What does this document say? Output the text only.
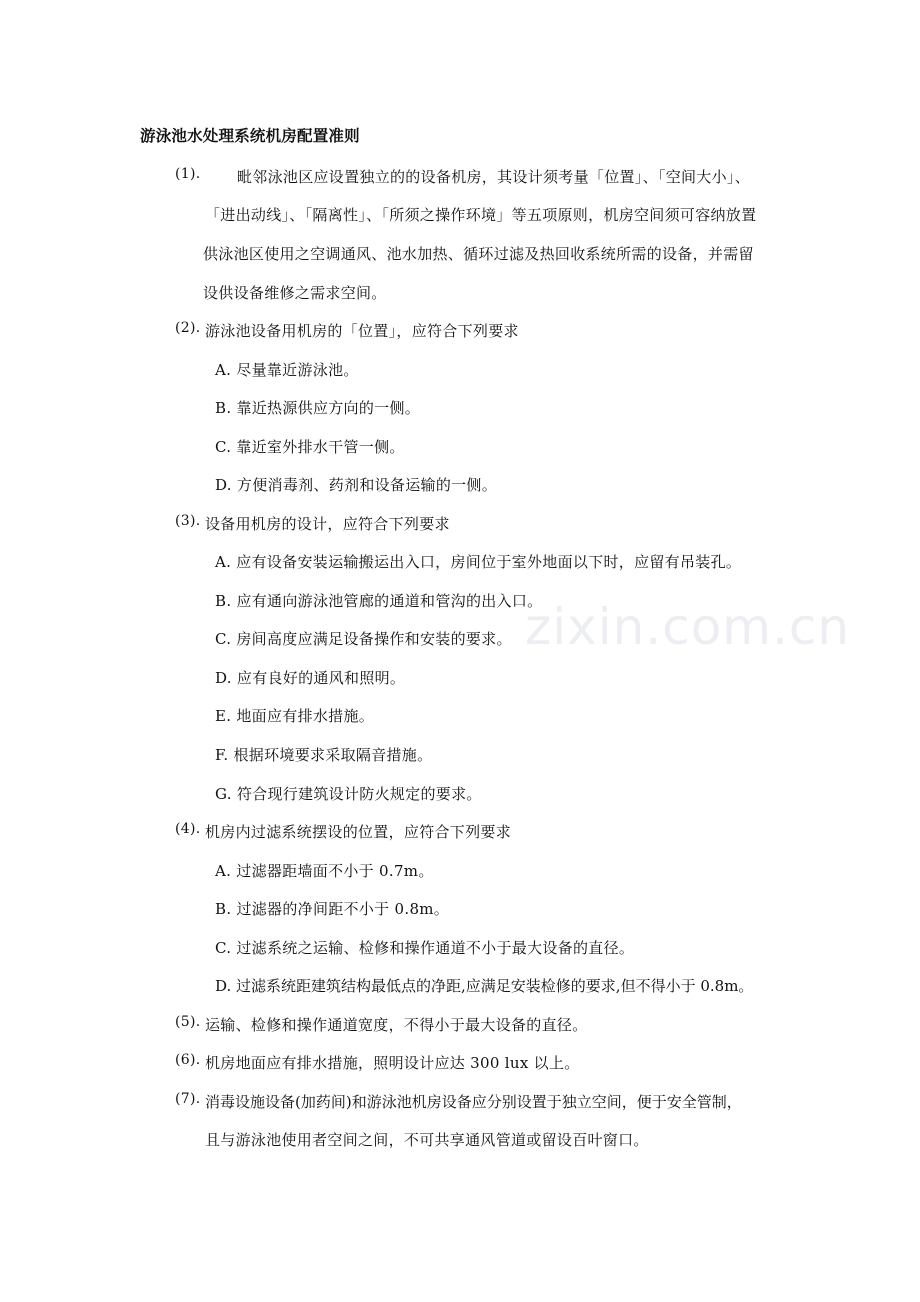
zixin.com.cn
游泳池水处理系统机房配置准则
(1). 毗邻泳池区应设置独立的的设备机房，其设计须考量「位置」、「空间大小」、
「进出动线」、「隔离性」、「所须之操作环境」等五项原则，机房空间须可容纳放置
供泳池区使用之空调通风、池水加热、循环过滤及热回收系统所需的设备，并需留
设供设备维修之需求空间。
(2). 游泳池设备用机房的「位置」，应符合下列要求
A. 尽量靠近游泳池。
B. 靠近热源供应方向的一侧。
C. 靠近室外排水干管一侧。
D. 方便消毒剂、药剂和设备运输的一侧。
(3). 设备用机房的设计，应符合下列要求
A. 应有设备安装运输搬运出入口，房间位于室外地面以下时，应留有吊装孔。
B. 应有通向游泳池管廊的通道和管沟的出入口。
C. 房间高度应满足设备操作和安装的要求。
D. 应有良好的通风和照明。
E. 地面应有排水措施。
F. 根据环境要求采取隔音措施。
G. 符合现行建筑设计防火规定的要求。
(4). 机房内过滤系统摆设的位置，应符合下列要求
A. 过滤器距墙面不小于 0.7m。
B. 过滤器的净间距不小于 0.8m。
C. 过滤系统之运输、检修和操作通道不小于最大设备的直径。
D. 过滤系统距建筑结构最低点的净距,应满足安装检修的要求,但不得小于 0.8m。
(5). 运输、检修和操作通道宽度，不得小于最大设备的直径。
(6). 机房地面应有排水措施，照明设计应达 300 lux 以上。
(7). 消毒设施设备(加药间)和游泳池机房设备应分别设置于独立空间，便于安全管制，
且与游泳池使用者空间之间，不可共享通风管道或留设百叶窗口。
